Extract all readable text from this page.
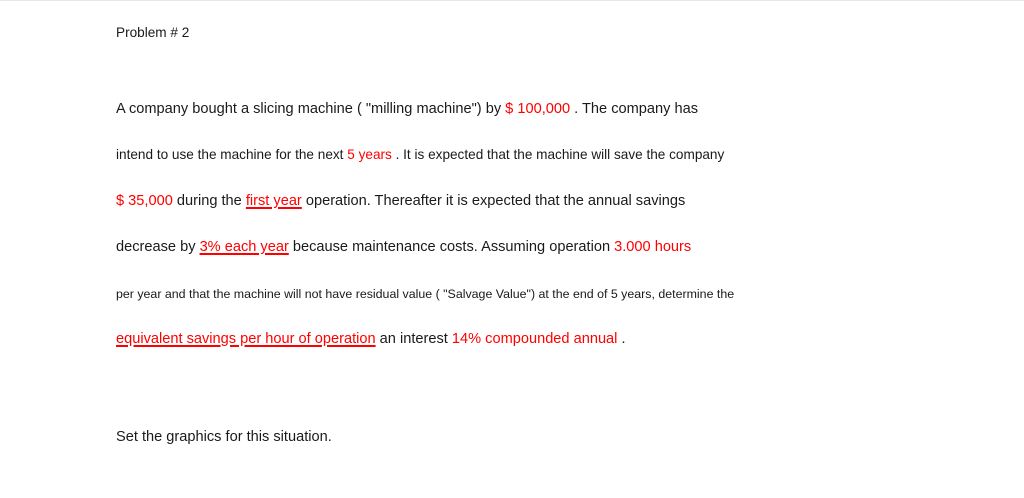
Problem # 2
A company bought a slicing machine ( "milling machine") by $ 100,000 . The company has
intend to use the machine for the next 5 years . It is expected that the machine will save the company
$ 35,000 during the first year operation. Thereafter it is expected that the annual savings
decrease by 3% each year because maintenance costs. Assuming operation 3.000 hours
per year and that the machine will not have residual value ( "Salvage Value") at the end of 5 years, determine the
equivalent savings per hour of operation an interest 14% compounded annual .
Set the graphics for this situation.
